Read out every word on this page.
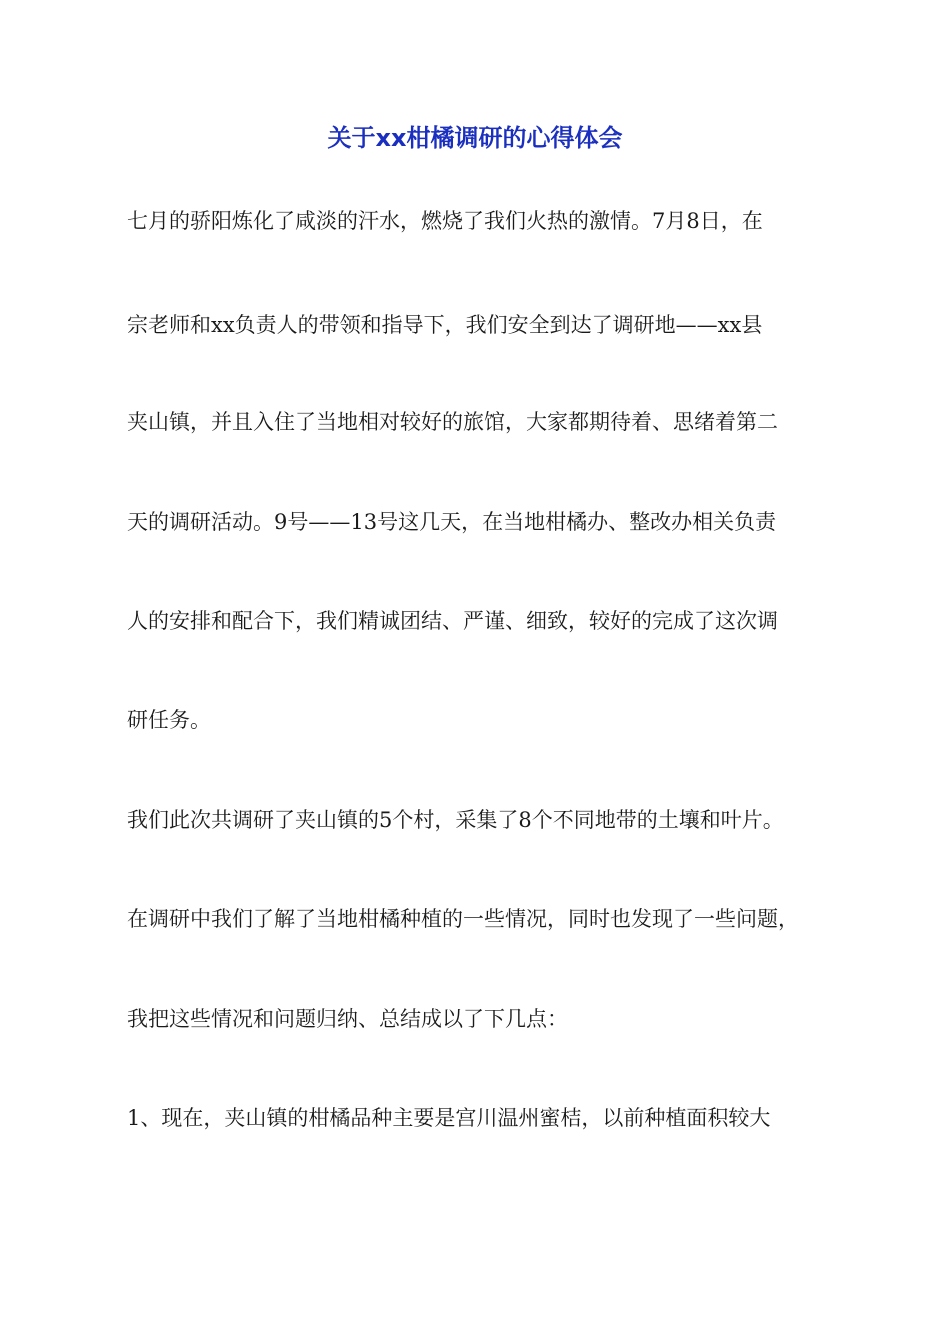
关于xx柑橘调研的心得体会
七月的骄阳炼化了咸淡的汗水，燃烧了我们火热的激情。7月8日，在
宗老师和xx负责人的带领和指导下，我们安全到达了调研地——xx县
夹山镇，并且入住了当地相对较好的旅馆，大家都期待着、思绪着第二
天的调研活动。9号——13号这几天，在当地柑橘办、整改办相关负责
人的安排和配合下，我们精诚团结、严谨、细致，较好的完成了这次调
研任务。
我们此次共调研了夹山镇的5个村，采集了8个不同地带的土壤和叶片。
在调研中我们了解了当地柑橘种植的一些情况，同时也发现了一些问题，
我把这些情况和问题归纳、总结成以了下几点：
1、现在，夹山镇的柑橘品种主要是宫川温州蜜桔，以前种植面积较大
